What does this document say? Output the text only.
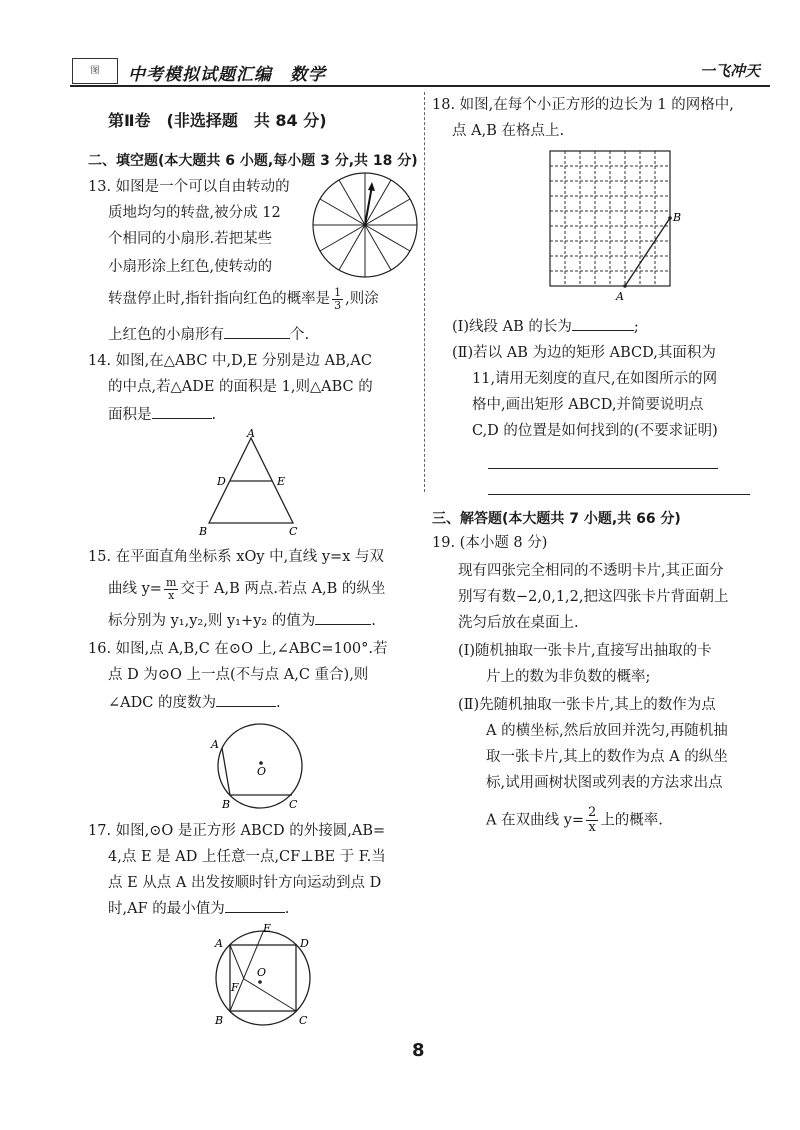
图	中考模拟试题汇编　数学	一飞冲天
第Ⅱ卷　(非选择题　共 84 分)
二、填空题(本大题共 6 小题,每小题 3 分,共 18 分)
13. 如图是一个可以自由转动的
质地均匀的转盘,被分成 12
个相同的小扇形.若把某些
小扇形涂上红色,使转动的
转盘停止时,指针指向红色的概率是 $\frac{1}{3}$ ,则涂
上红色的小扇形有	个.
14. 如图,在△ABC 中,D,E 分别是边 AB,AC
的中点,若△ADE 的面积是 1,则△ABC 的
面积是	.
A
B	C
D	E
15. 在平面直角坐标系 xOy 中,直线 y=x 与双
曲线 $y= \frac{m}{x}$ 交于 A,B 两点.若点 A,B 的纵坐
标分别为 y₁,y₂,则 y₁+y₂ 的值为	.
16. 如图,点 A,B,C 在⊙O 上,∠ABC=100°.若
点 D 为⊙O 上一点(不与点 A,C 重合),则
∠ADC 的度数为	.
A
B	C
O
17. 如图,⊙O 是正方形 ABCD 的外接圆,AB=
4,点 E 是 AD 上任意一点,CF⊥BE 于 F.当
点 E 从点 A 出发按顺时针方向运动到点 D
时,AF 的最小值为	.
A
B	C
D
E
F
O
18. 如图,在每个小正方形的边长为 1 的网格中,
点 A,B 在格点上.
A
B
(Ⅰ)线段 AB 的长为	;
(Ⅱ)若以 AB 为边的矩形 ABCD,其面积为
11,请用无刻度的直尺,在如图所示的网
格中,画出矩形 ABCD,并简要说明点
C,D 的位置是如何找到的(不要求证明)
三、解答题(本大题共 7 小题,共 66 分)
19. (本小题 8 分)
现有四张完全相同的不透明卡片,其正面分
别写有数−2,0,1,2,把这四张卡片背面朝上
洗匀后放在桌面上.
(Ⅰ)随机抽取一张卡片,直接写出抽取的卡
片上的数为非负数的概率;
(Ⅱ)先随机抽取一张卡片,其上的数作为点
A 的横坐标,然后放回并洗匀,再随机抽
取一张卡片,其上的数作为点 A 的纵坐
标,试用画树状图或列表的方法求出点
A 在双曲线 $y= \frac{2}{x}$ 上的概率.
8
